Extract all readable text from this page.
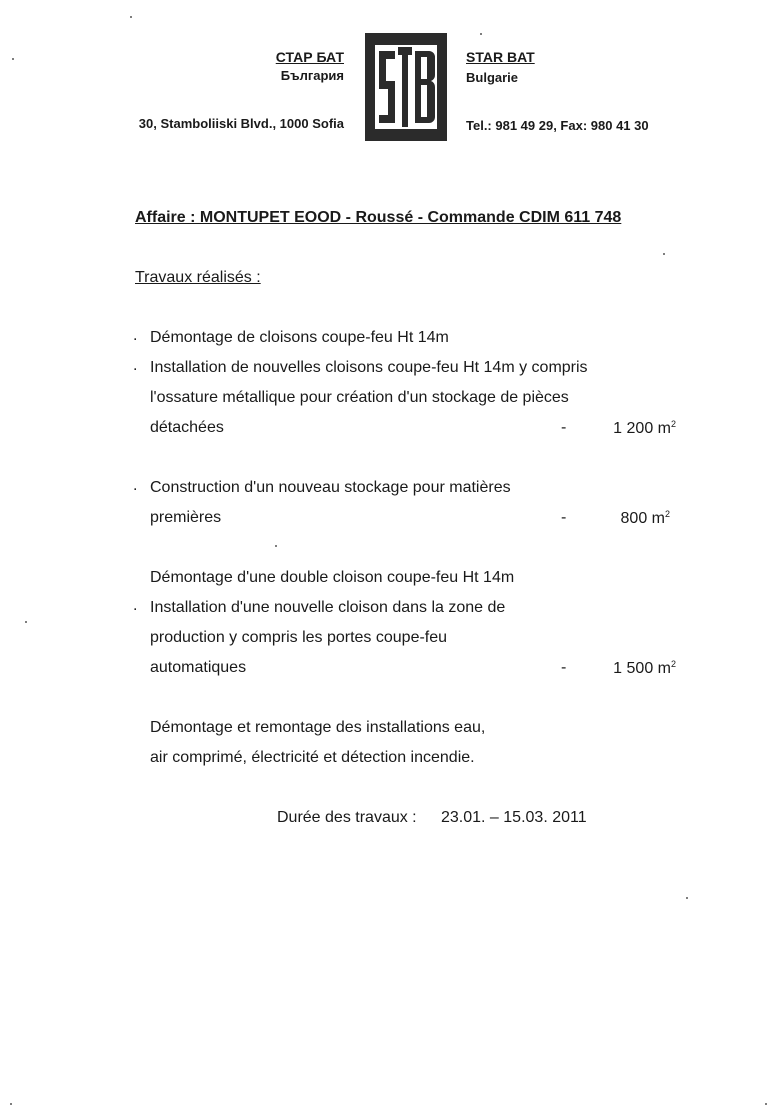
СТАР БАТ
България
30, Stamboliiski Blvd., 1000 Sofia
STAR BAT
Bulgarie
Tel.: 981 49 29, Fax: 980 41 30
Affaire : MONTUPET EOOD - Roussé - Commande CDIM 611 748
Travaux réalisés :
. Démontage de cloisons coupe-feu Ht 14m
. Installation de nouvelles cloisons coupe-feu Ht 14m y compris
l'ossature métallique pour création d'un stockage de pièces
détachées	-	1 200 $m^2$
. Construction d'un nouveau stockage pour matières
premières	-	800 $m^2$
Démontage d'une double cloison coupe-feu Ht 14m
. Installation d'une nouvelle cloison dans la zone de
production y compris les portes coupe-feu
automatiques	-	1 500 $m^2$
Démontage et remontage des installations eau,
air comprimé, électricité et détection incendie.
Durée des travaux : 23.01. – 15.03. 2011
